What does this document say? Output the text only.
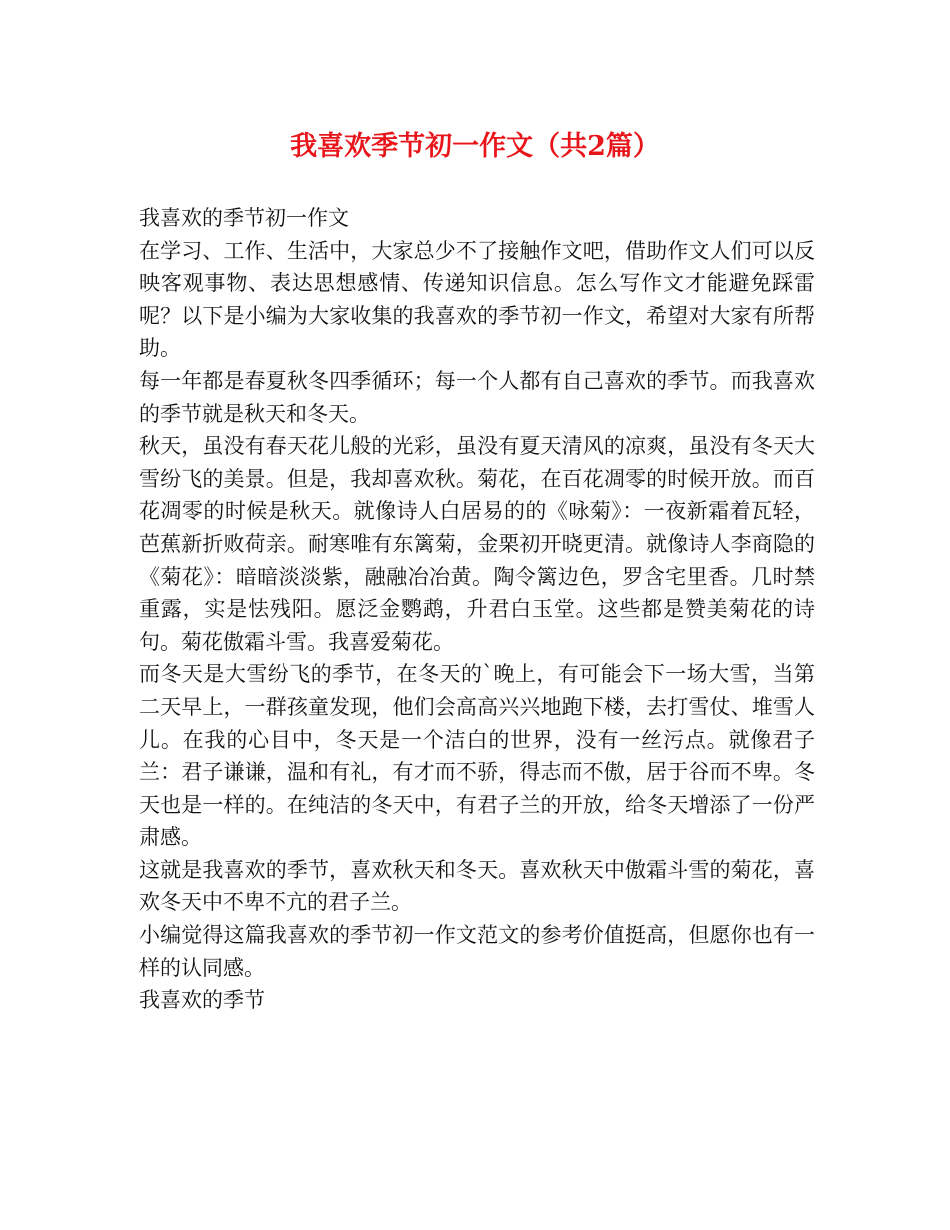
我喜欢季节初一作文（共2篇）

我喜欢的季节初一作文

在学习、工作、生活中，大家总少不了接触作文吧，借助作文人们可以反映客观事物、表达思想感情、传递知识信息。怎么写作文才能避免踩雷呢？以下是小编为大家收集的我喜欢的季节初一作文，希望对大家有所帮助。

每一年都是春夏秋冬四季循环；每一个人都有自己喜欢的季节。而我喜欢的季节就是秋天和冬天。

秋天，虽没有春天花儿般的光彩，虽没有夏天清风的凉爽，虽没有冬天大雪纷飞的美景。但是，我却喜欢秋。菊花，在百花凋零的时候开放。而百花凋零的时候是秋天。就像诗人白居易的的《咏菊》：一夜新霜着瓦轻，芭蕉新折败荷亲。耐寒唯有东篱菊，金栗初开晓更清。就像诗人李商隐的《菊花》：暗暗淡淡紫，融融冶冶黄。陶令篱边色，罗含宅里香。几时禁重露，实是怯残阳。愿泛金鹦鹉，升君白玉堂。这些都是赞美菊花的诗句。菊花傲霜斗雪。我喜爱菊花。

而冬天是大雪纷飞的季节，在冬天的`晚上，有可能会下一场大雪，当第二天早上，一群孩童发现，他们会高高兴兴地跑下楼，去打雪仗、堆雪人儿。在我的心目中，冬天是一个洁白的世界，没有一丝污点。就像君子兰：君子谦谦，温和有礼，有才而不骄，得志而不傲，居于谷而不卑。冬天也是一样的。在纯洁的冬天中，有君子兰的开放，给冬天增添了一份严肃感。

这就是我喜欢的季节，喜欢秋天和冬天。喜欢秋天中傲霜斗雪的菊花，喜欢冬天中不卑不亢的君子兰。

小编觉得这篇我喜欢的季节初一作文范文的参考价值挺高，但愿你也有一样的认同感。

我喜欢的季节
